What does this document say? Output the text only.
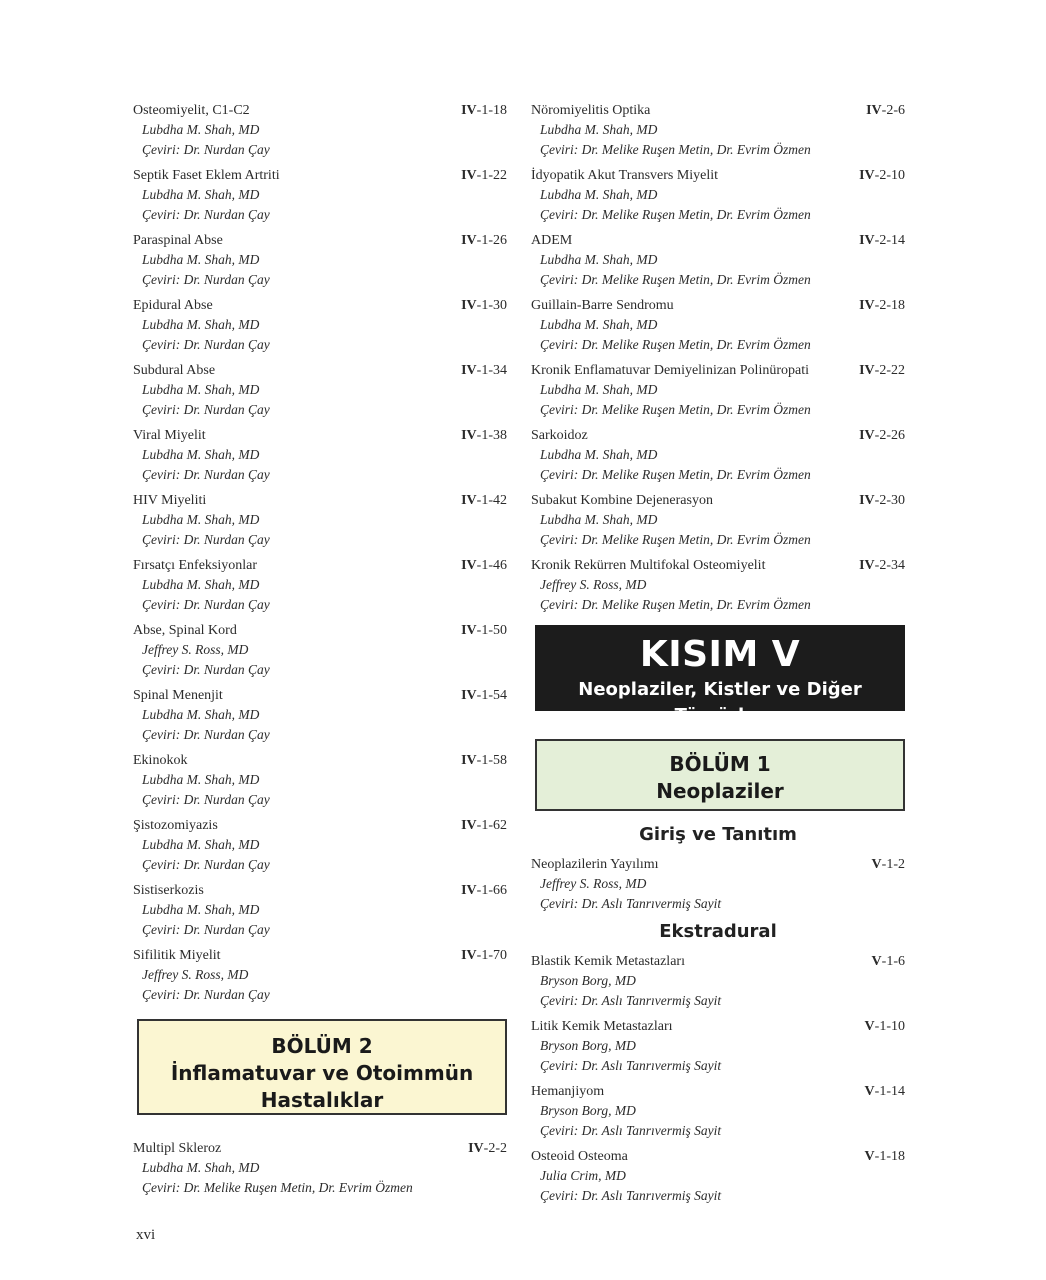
Osteomiyelit, C1-C2	IV-1-18
Lubdha M. Shah, MD
Çeviri: Dr. Nurdan Çay
Septik Faset Eklem Artriti	IV-1-22
Lubdha M. Shah, MD
Çeviri: Dr. Nurdan Çay
Paraspinal Abse	IV-1-26
Lubdha M. Shah, MD
Çeviri: Dr. Nurdan Çay
Epidural Abse	IV-1-30
Lubdha M. Shah, MD
Çeviri: Dr. Nurdan Çay
Subdural Abse	IV-1-34
Lubdha M. Shah, MD
Çeviri: Dr. Nurdan Çay
Viral Miyelit	IV-1-38
Lubdha M. Shah, MD
Çeviri: Dr. Nurdan Çay
HIV Miyeliti	IV-1-42
Lubdha M. Shah, MD
Çeviri: Dr. Nurdan Çay
Fırsatçı Enfeksiyonlar	IV-1-46
Lubdha M. Shah, MD
Çeviri: Dr. Nurdan Çay
Abse, Spinal Kord	IV-1-50
Jeffrey S. Ross, MD
Çeviri: Dr. Nurdan Çay
Spinal Menenjit	IV-1-54
Lubdha M. Shah, MD
Çeviri: Dr. Nurdan Çay
Ekinokok	IV-1-58
Lubdha M. Shah, MD
Çeviri: Dr. Nurdan Çay
Şistozomiyazis	IV-1-62
Lubdha M. Shah, MD
Çeviri: Dr. Nurdan Çay
Sistiserkozis	IV-1-66
Lubdha M. Shah, MD
Çeviri: Dr. Nurdan Çay
Sifilitik Miyelit	IV-1-70
Jeffrey S. Ross, MD
Çeviri: Dr. Nurdan Çay
BÖLÜM 2
İnflamatuvar ve Otoimmün
Hastalıklar
Multipl Skleroz	IV-2-2
Lubdha M. Shah, MD
Çeviri: Dr. Melike Ruşen Metin, Dr. Evrim Özmen
Nöromiyelitis Optika	IV-2-6
Lubdha M. Shah, MD
Çeviri: Dr. Melike Ruşen Metin, Dr. Evrim Özmen
İdyopatik Akut Transvers Miyelit	IV-2-10
Lubdha M. Shah, MD
Çeviri: Dr. Melike Ruşen Metin, Dr. Evrim Özmen
ADEM	IV-2-14
Lubdha M. Shah, MD
Çeviri: Dr. Melike Ruşen Metin, Dr. Evrim Özmen
Guillain-Barre Sendromu	IV-2-18
Lubdha M. Shah, MD
Çeviri: Dr. Melike Ruşen Metin, Dr. Evrim Özmen
Kronik Enflamatuvar Demiyelinizan Polinüropati	IV-2-22
Lubdha M. Shah, MD
Çeviri: Dr. Melike Ruşen Metin, Dr. Evrim Özmen
Sarkoidoz	IV-2-26
Lubdha M. Shah, MD
Çeviri: Dr. Melike Ruşen Metin, Dr. Evrim Özmen
Subakut Kombine Dejenerasyon	IV-2-30
Lubdha M. Shah, MD
Çeviri: Dr. Melike Ruşen Metin, Dr. Evrim Özmen
Kronik Rekürren Multifokal Osteomiyelit	IV-2-34
Jeffrey S. Ross, MD
Çeviri: Dr. Melike Ruşen Metin, Dr. Evrim Özmen
KISIM V
Neoplaziler, Kistler ve Diğer Tümörler
BÖLÜM 1
Neoplaziler
Giriş ve Tanıtım
Neoplazilerin Yayılımı	V-1-2
Jeffrey S. Ross, MD
Çeviri: Dr. Aslı Tanrıvermiş Sayit
Ekstradural
Blastik Kemik Metastazları	V-1-6
Bryson Borg, MD
Çeviri: Dr. Aslı Tanrıvermiş Sayit
Litik Kemik Metastazları	V-1-10
Bryson Borg, MD
Çeviri: Dr. Aslı Tanrıvermiş Sayit
Hemanjiyom	V-1-14
Bryson Borg, MD
Çeviri: Dr. Aslı Tanrıvermiş Sayit
Osteoid Osteoma	V-1-18
Julia Crim, MD
Çeviri: Dr. Aslı Tanrıvermiş Sayit
xvi
